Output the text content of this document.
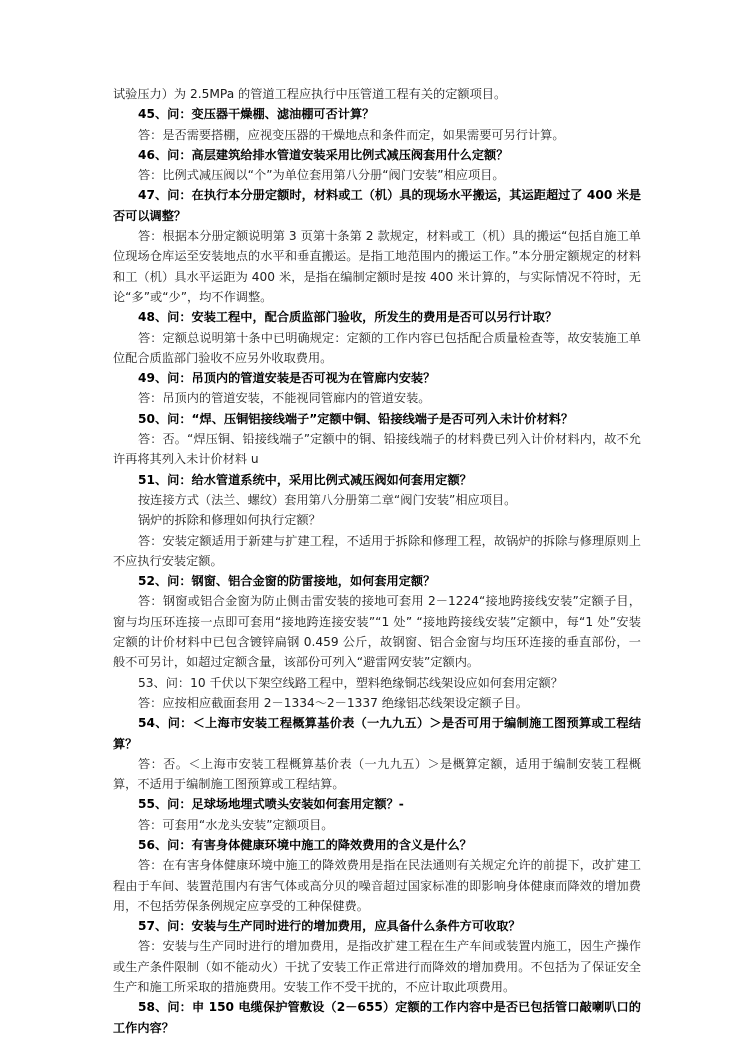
试验压力）为 2.5MPa 的管道工程应执行中压管道工程有关的定额项目。
45、问：变压器干燥棚、滤油棚可否计算？
答：是否需要搭棚，应视变压器的干燥地点和条件而定，如果需要可另行计算。
46、问：高层建筑给排水管道安装采用比例式减压阀套用什么定额？
答：比例式减压阀以“个”为单位套用第八分册“阀门安装”相应项目。
47、问：在执行本分册定额时，材料或工（机）具的现场水平搬运，其运距超过了 400 米是否可以调整？
答：根据本分册定额说明第 3 页第十条第 2 款规定，材料或工（机）具的搬运“包括自施工单位现场仓库运至安装地点的水平和垂直搬运。是指工地范围内的搬运工作。”本分册定额规定的材料和工（机）具水平运距为 400 米，是指在编制定额时是按 400 米计算的，与实际情况不符时，无论“多”或“少”，均不作调整。
48、问：安装工程中，配合质监部门验收，所发生的费用是否可以另行计取？
答：定额总说明第十条中已明确规定：定额的工作内容已包括配合质量检查等，故安装施工单位配合质监部门验收不应另外收取费用。
49、问：吊顶内的管道安装是否可视为在管廊内安装？
答：吊顶内的管道安装，不能视同管廊内的管道安装。
50、问：“焊、压铜铝接线端子”定额中铜、铅接线端子是否可列入未计价材料？
答：否。“焊压铜、铅接线端子”定额中的铜、铅接线端子的材料费已列入计价材料内，故不允许再将其列入未计价材料 u
51、问：给水管道系统中，采用比例式减压阀如何套用定额？
按连接方式（法兰、螺纹）套用第八分册第二章“阀门安装”相应项目。
锅炉的拆除和修理如何执行定额？
答：安装定额适用于新建与扩建工程，不适用于拆除和修理工程，故锅炉的拆除与修理原则上不应执行安装定额。
52、问：钢窗、铝合金窗的防雷接地，如何套用定额？
答：钢窗或铝合金窗为防止侧击雷安装的接地可套用 2－1224“接地跨接线安装”定额子目，窗与均压环连接一点即可套用“接地跨连接安装”“1 处” “接地跨接线安装”定额中，每“1 处”安装定额的计价材料中已包含镀锌扁钢 0.459 公斤，故钢窗、铝合金窗与均压环连接的垂直部份，一般不可另计，如超过定额含量，该部份可列入“避雷网安装”定额内。
53、问：10 千伏以下架空线路工程中，塑料绝缘铜芯线架设应如何套用定额？
答：应按相应截面套用 2－1334～2－1337 绝缘铝芯线架设定额子目。
54、问：＜上海市安装工程概算基价表（一九九五）＞是否可用于编制施工图预算或工程结算？
答：否。＜上海市安装工程概算基价表（一九九五）＞是概算定额，适用于编制安装工程概算，不适用于编制施工图预算或工程结算。
55、问：足球场地埋式喷头安装如何套用定额？-
答：可套用“水龙头安装”定额项目。
56、问：有害身体健康环境中施工的降效费用的含义是什么？
答：在有害身体健康环境中施工的降效费用是指在民法通则有关规定允许的前提下，改扩建工程由于车间、装置范围内有害气体或高分贝的噪音超过国家标准的即影响身体健康而降效的增加费用，不包括劳保条例规定应享受的工种保健费。
57、问：安装与生产同时进行的增加费用，应具备什么条件方可收取？
答：安装与生产同时进行的增加费用，是指改扩建工程在生产车间或装置内施工，因生产操作或生产条件限制（如不能动火）干扰了安装工作正常进行而降效的增加费用。不包括为了保证安全生产和施工所采取的措施费用。安装工作不受干扰的，不应计取此项费用。
58、问：申 150 电缆保护管敷设（2－655）定额的工作内容中是否已包括管口敲喇叭口的工作内容？
